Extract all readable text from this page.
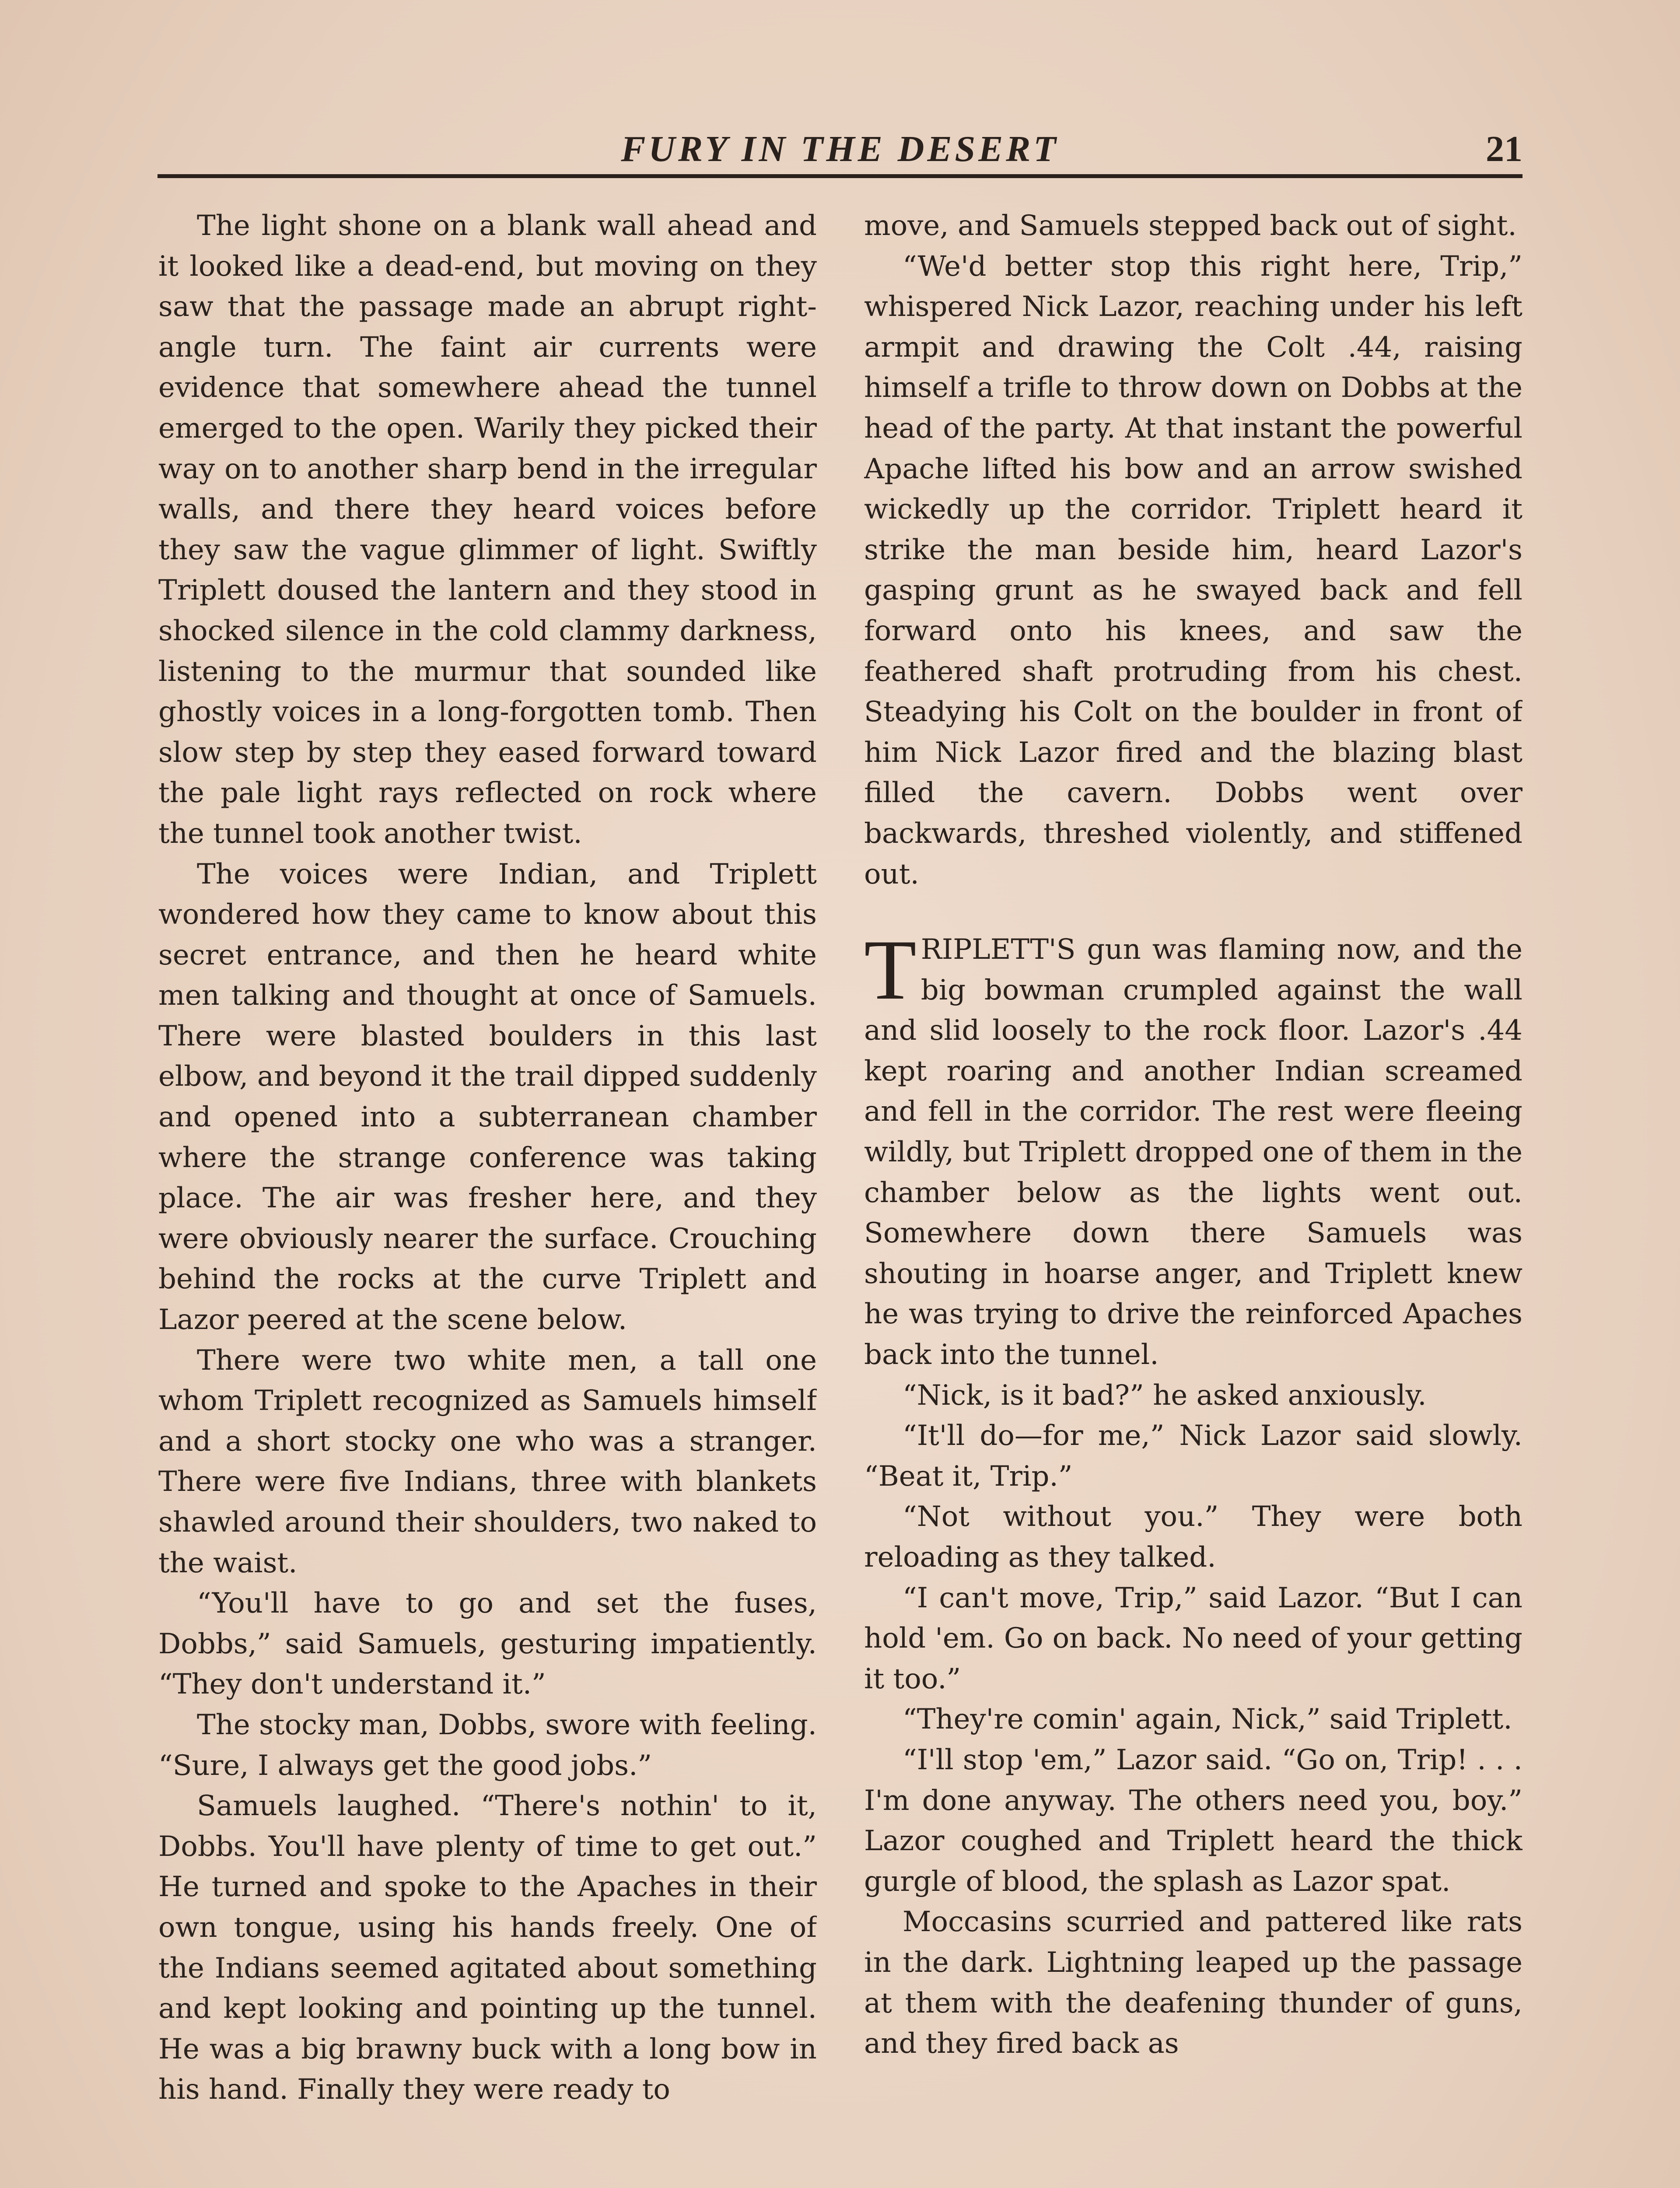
FURY IN THE DESERT	21

The light shone on a blank wall ahead and it looked like a dead-end, but moving on they saw that the passage made an abrupt right-angle turn. The faint air currents were evidence that somewhere ahead the tunnel emerged to the open. Warily they picked their way on to another sharp bend in the irregular walls, and there they heard voices before they saw the vague glimmer of light. Swiftly Triplett doused the lantern and they stood in shocked silence in the cold clammy darkness, listening to the murmur that sounded like ghostly voices in a long-forgotten tomb. Then slow step by step they eased forward toward the pale light rays reflected on rock where the tunnel took another twist.

The voices were Indian, and Triplett wondered how they came to know about this secret entrance, and then he heard white men talking and thought at once of Samuels. There were blasted boulders in this last elbow, and beyond it the trail dipped suddenly and opened into a subterranean chamber where the strange conference was taking place. The air was fresher here, and they were obviously nearer the surface. Crouching behind the rocks at the curve Triplett and Lazor peered at the scene below.

There were two white men, a tall one whom Triplett recognized as Samuels himself and a short stocky one who was a stranger. There were five Indians, three with blankets shawled around their shoulders, two naked to the waist.

“You'll have to go and set the fuses, Dobbs,” said Samuels, gesturing impatiently. “They don't understand it.”

The stocky man, Dobbs, swore with feeling. “Sure, I always get the good jobs.”

Samuels laughed. “There's nothin' to it, Dobbs. You'll have plenty of time to get out.” He turned and spoke to the Apaches in their own tongue, using his hands freely. One of the Indians seemed agitated about something and kept looking and pointing up the tunnel. He was a big brawny buck with a long bow in his hand. Finally they were ready to

move, and Samuels stepped back out of sight.

“We'd better stop this right here, Trip,” whispered Nick Lazor, reaching under his left armpit and drawing the Colt .44, raising himself a trifle to throw down on Dobbs at the head of the party. At that instant the powerful Apache lifted his bow and an arrow swished wickedly up the corridor. Triplett heard it strike the man beside him, heard Lazor's gasping grunt as he swayed back and fell forward onto his knees, and saw the feathered shaft protruding from his chest. Steadying his Colt on the boulder in front of him Nick Lazor fired and the blazing blast filled the cavern. Dobbs went over backwards, threshed violently, and stiffened out.

TRIPLETT'S gun was flaming now, and the big bowman crumpled against the wall and slid loosely to the rock floor. Lazor's .44 kept roaring and another Indian screamed and fell in the corridor. The rest were fleeing wildly, but Triplett dropped one of them in the chamber below as the lights went out. Somewhere down there Samuels was shouting in hoarse anger, and Triplett knew he was trying to drive the reinforced Apaches back into the tunnel.

“Nick, is it bad?” he asked anxiously.

“It'll do—for me,” Nick Lazor said slowly. “Beat it, Trip.”

“Not without you.” They were both reloading as they talked.

“I can't move, Trip,” said Lazor. “But I can hold 'em. Go on back. No need of your getting it too.”

“They're comin' again, Nick,” said Triplett.

“I'll stop 'em,” Lazor said. “Go on, Trip! . . . I'm done anyway. The others need you, boy.” Lazor coughed and Triplett heard the thick gurgle of blood, the splash as Lazor spat.

Moccasins scurried and pattered like rats in the dark. Lightning leaped up the passage at them with the deafening thunder of guns, and they fired back as
